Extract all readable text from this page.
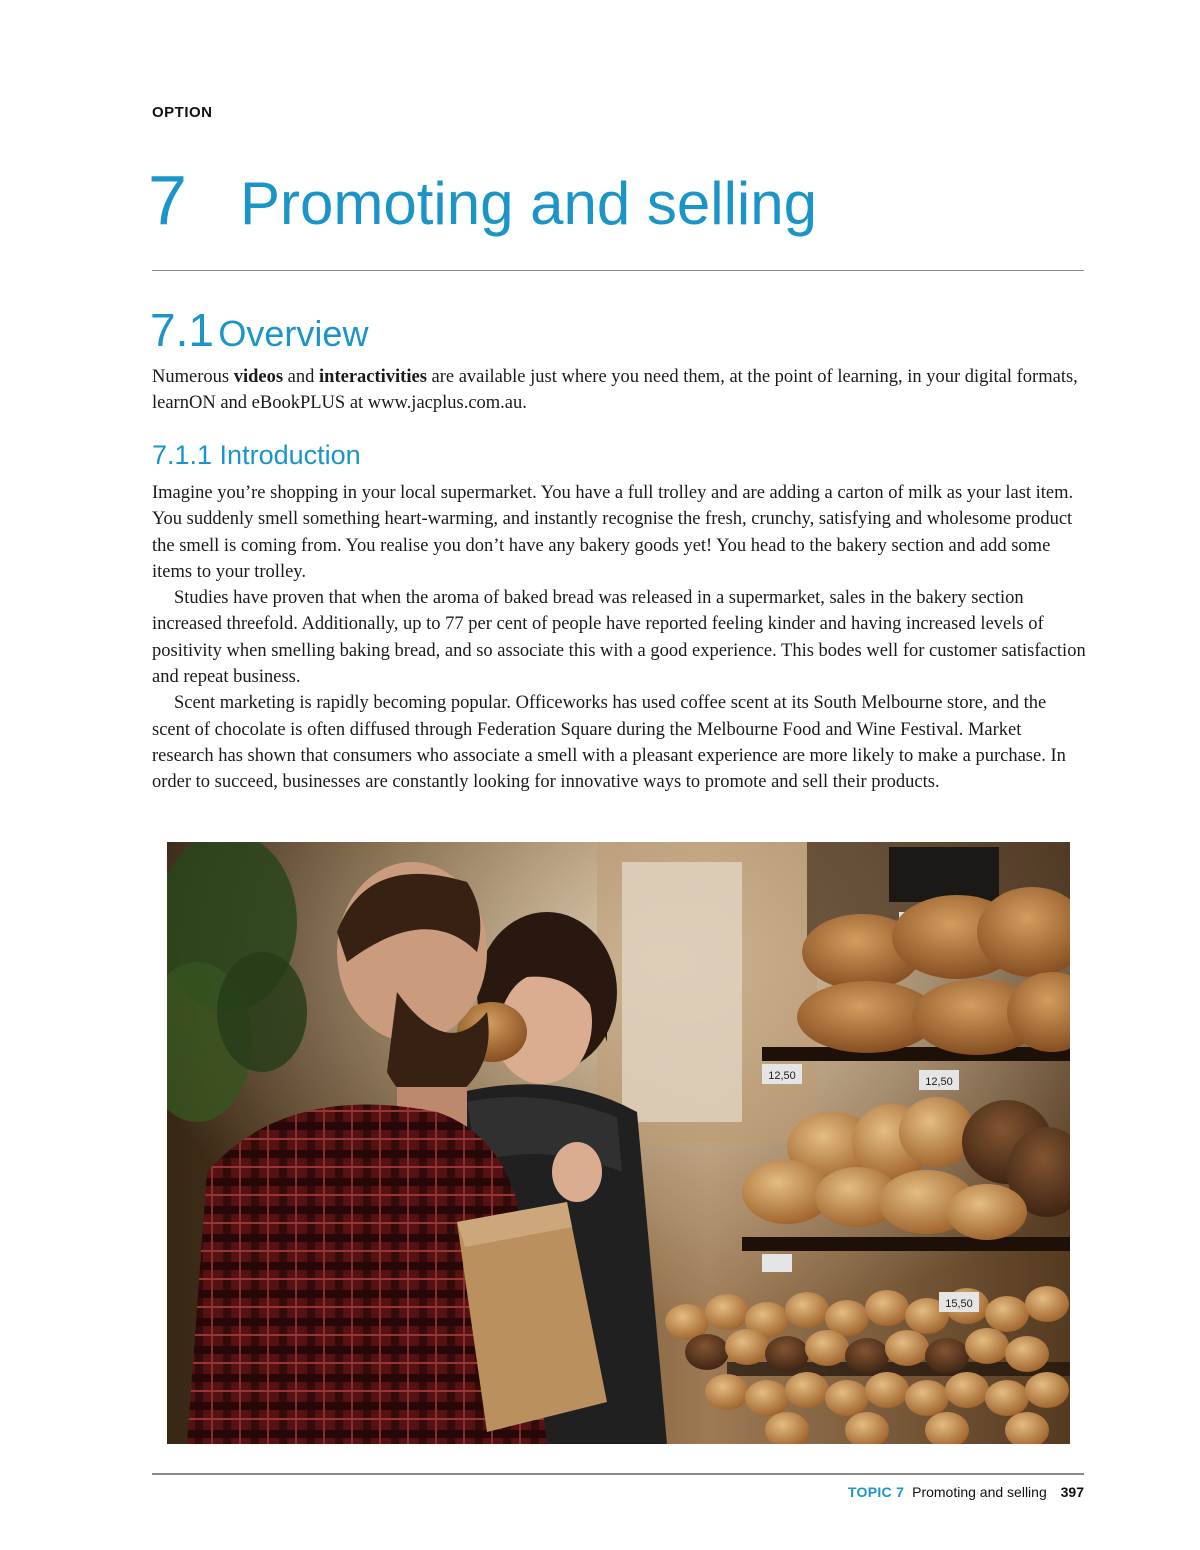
OPTION
7 Promoting and selling
7.1 Overview
Numerous videos and interactivities are available just where you need them, at the point of learning, in your digital formats, learnON and eBookPLUS at www.jacplus.com.au.
7.1.1 Introduction

Imagine you’re shopping in your local supermarket. You have a full trolley and are adding a carton of milk as your last item. You suddenly smell something heart-warming, and instantly recognise the fresh, crunchy, satisfying and wholesome product the smell is coming from. You realise you don’t have any bakery goods yet! You head to the bakery section and add some items to your trolley.

Studies have proven that when the aroma of baked bread was released in a supermarket, sales in the bakery section increased threefold. Additionally, up to 77 per cent of people have reported feeling kinder and having increased levels of positivity when smelling baking bread, and so associate this with a good experience. This bodes well for customer satisfaction and repeat business.

Scent marketing is rapidly becoming popular. Officeworks has used coffee scent at its South Melbourne store, and the scent of chocolate is often diffused through Federation Square during the Melbourne Food and Wine Festival. Market research has shown that consumers who associate a smell with a pleasant experience are more likely to make a purchase. In order to succeed, businesses are constantly looking for innovative ways to promote and sell their products.

12,50	12,50
15,50
TOPIC 7 Promoting and selling 397
